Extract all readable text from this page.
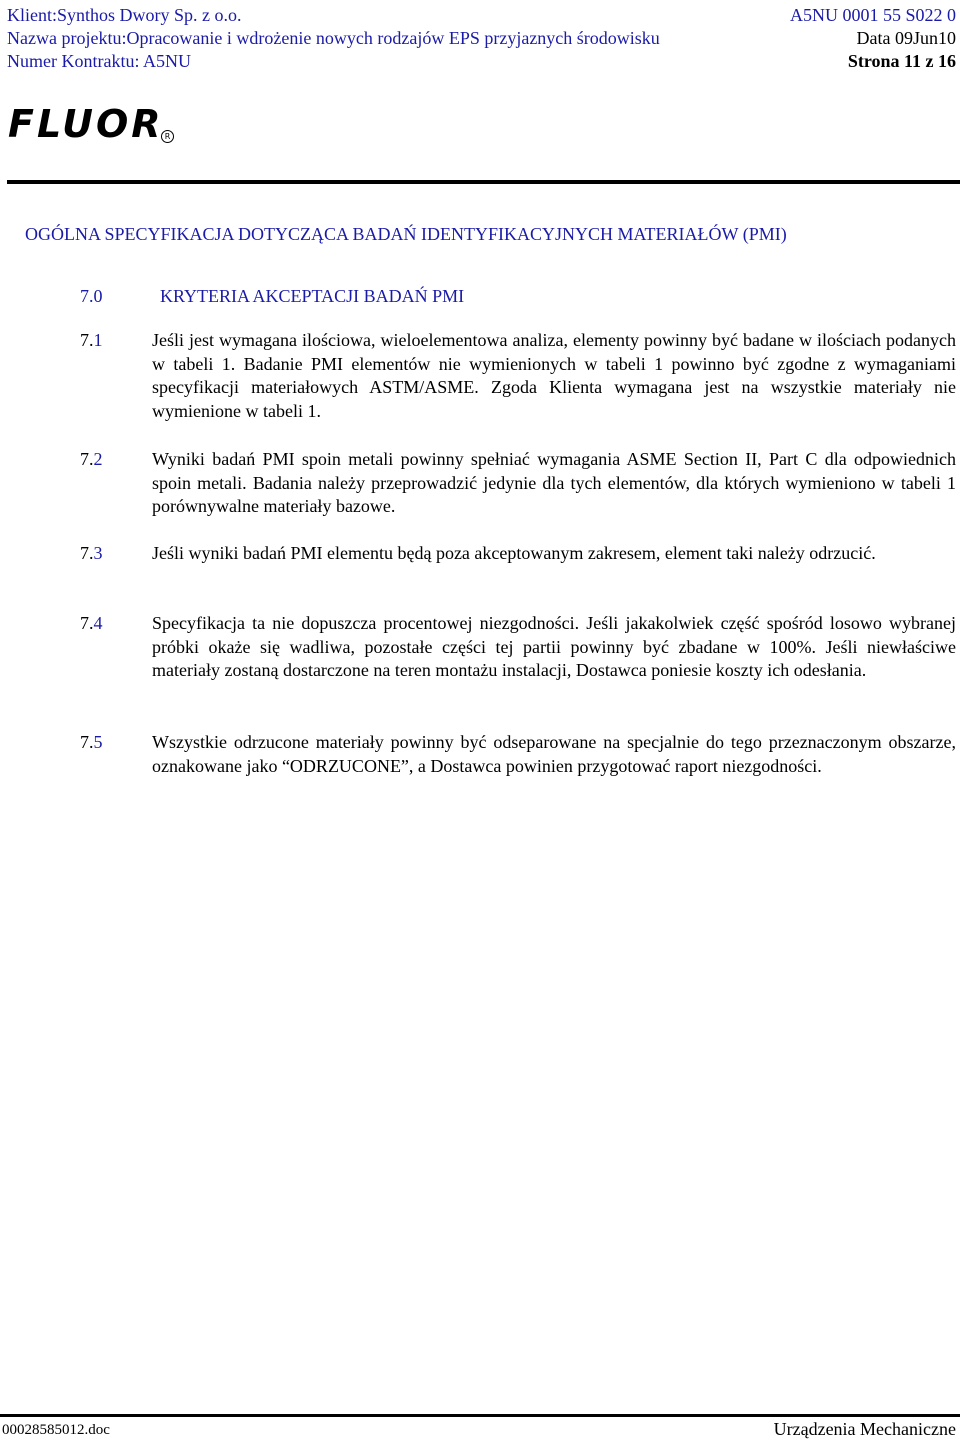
Klient:Synthos Dwory Sp. z o.o.	A5NU 0001 55 S022 0
Nazwa projektu:Opracowanie i wdrożenie nowych rodzajów EPS przyjaznych środowisku	Data 09Jun10
Numer Kontraktu: A5NU	Strona 11 z 16
FLUOR R
OGÓLNA SPECYFIKACJA DOTYCZĄCA BADAŃ IDENTYFIKACYJNYCH MATERIAŁÓW (PMI)
7.0	KRYTERIA AKCEPTACJI BADAŃ PMI
7.1	Jeśli jest wymagana ilościowa, wieloelementowa analiza, elementy powinny być badane w ilościach podanych w tabeli 1. Badanie PMI elementów nie wymienionych w tabeli 1 powinno być zgodne z wymaganiami specyfikacji materiałowych ASTM/ASME. Zgoda Klienta wymagana jest na wszystkie materiały nie wymienione w tabeli 1.
7.2	Wyniki badań PMI spoin metali powinny spełniać wymagania ASME Section II, Part C dla odpowiednich spoin metali. Badania należy przeprowadzić jedynie dla tych elementów, dla których wymieniono w tabeli 1 porównywalne materiały bazowe.
7.3	Jeśli wyniki badań PMI elementu będą poza akceptowanym zakresem, element taki należy odrzucić.
7.4	Specyfikacja ta nie dopuszcza procentowej niezgodności. Jeśli jakakolwiek część spośród losowo wybranej próbki okaże się wadliwa, pozostałe części tej partii powinny być zbadane w 100%. Jeśli niewłaściwe materiały zostaną dostarczone na teren montażu instalacji, Dostawca poniesie koszty ich odesłania.
7.5	Wszystkie odrzucone materiały powinny być odseparowane na specjalnie do tego przeznaczonym obszarze, oznakowane jako “ODRZUCONE”, a Dostawca powinien przygotować raport niezgodności.
00028585012.doc	Urządzenia Mechaniczne
